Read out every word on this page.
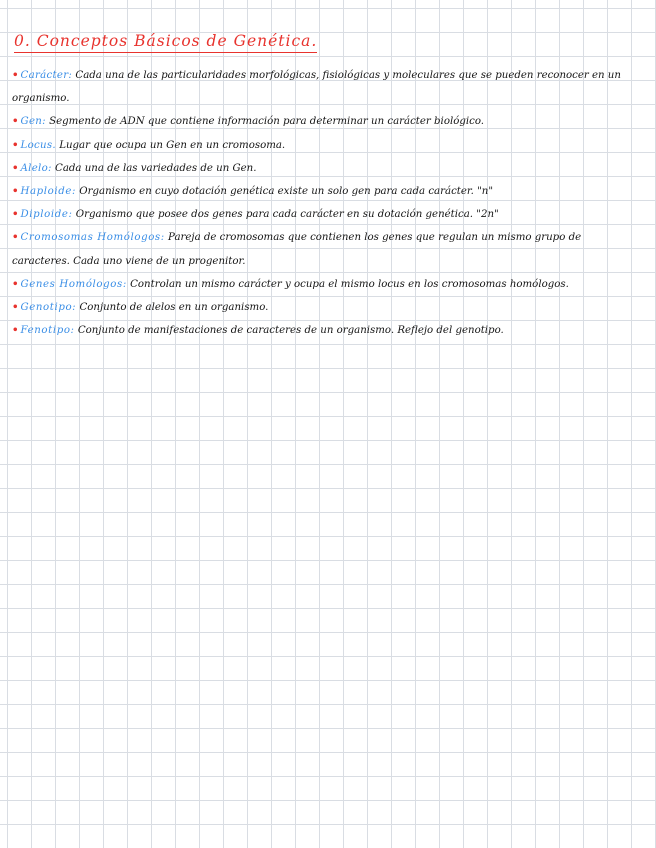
0. Conceptos Básicos de Genética.

• Carácter: Cada una de las particularidades morfológicas, fisiológicas y moleculares que se pueden reconocer en un organismo.

• Gen: Segmento de ADN que contiene información para determinar un carácter biológico.

• Locus. Lugar que ocupa un Gen en un cromosoma.

• Alelo: Cada una de las variedades de un Gen.

• Haploide: Organismo en cuyo dotación genética existe un solo gen para cada carácter. "n"

• Diploide: Organismo que posee dos genes para cada carácter en su dotación genética. "2n"

• Cromosomas Homólogos: Pareja de cromosomas que contienen los genes que regulan un mismo grupo de caracteres. Cada uno viene de un progenitor.

• Genes Homólogos: Controlan un mismo carácter y ocupa el mismo locus en los cromosomas homólogos.

• Genotipo: Conjunto de alelos en un organismo.

• Fenotipo: Conjunto de manifestaciones de caracteres de un organismo. Reflejo del genotipo.
